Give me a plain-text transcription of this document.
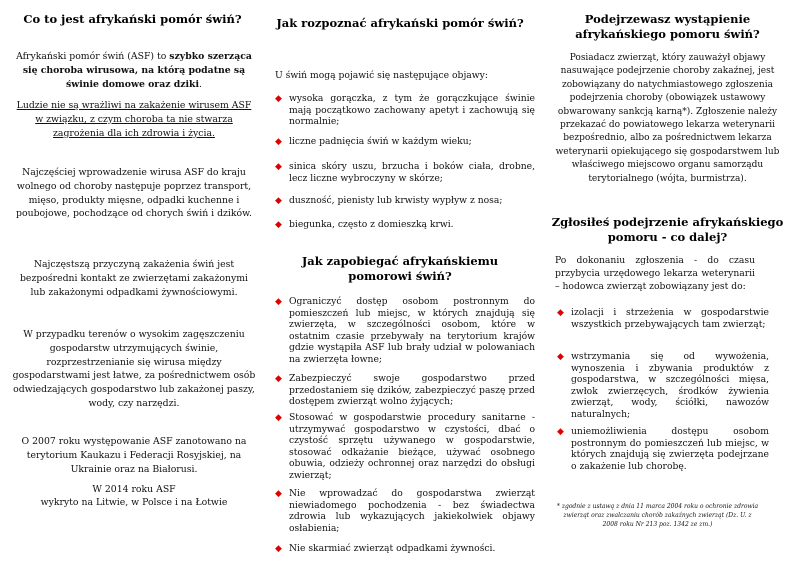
Co to jest afrykański pomór świń?

Afrykański pomór świń (ASF) to szybko szerząca się choroba wirusowa, na którą podatne są świnie domowe oraz dziki.

Ludzie nie są wrażliwi na zakażenie wirusem ASF w związku, z czym choroba ta nie stwarza zagrożenia dla ich zdrowia i życia.

Najczęściej wprowadzenie wirusa ASF do kraju wolnego od choroby następuje poprzez transport, mięso, produkty mięsne, odpadki kuchenne i poubojowe, pochodzące od chorych świń i dzików.

Najczęstszą przyczyną zakażenia świń jest bezpośredni kontakt ze zwierzętami zakażonymi lub zakażonymi odpadkami żywnościowymi.

W przypadku terenów o wysokim zagęszczeniu gospodarstw utrzymujących świnie, rozprzestrzenianie się wirusa między gospodarstwami jest łatwe, za pośrednictwem osób odwiedzających gospodarstwo lub zakażonej paszy, wody, czy narzędzi.

O 2007 roku występowanie ASF zanotowano na terytorium Kaukazu i Federacji Rosyjskiej, na Ukrainie oraz na Białorusi.

W 2014 roku ASF

wykryto na Litwie, w Polsce i na Łotwie

Jak rozpoznać afrykański pomór świń?

U świń mogą pojawić się następujące objawy:

◆ wysoka gorączka, z tym że gorączkujące świnie mają początkowo zachowany apetyt i zachowują się normalnie;
◆ liczne padnięcia świń w każdym wieku;
◆ sinica skóry uszu, brzucha i boków ciała, drobne, lecz liczne wybroczyny w skórze;
◆ duszność, pienisty lub krwisty wypływ z nosa;
◆ biegunka, często z domieszką krwi.
Jak zapobiegać afrykańskiemu pomorowi świń?
◆ Ograniczyć dostęp osobom postronnym do pomieszczeń lub miejsc, w których znajdują się zwierzęta, w szczególności osobom, które w ostatnim czasie przebywały na terytorium krajów gdzie wystąpiła ASF lub brały udział w polowaniach na zwierzęta łowne;
◆ Zabezpieczyć swoje gospodarstwo przed przedostaniem się dzików, zabezpieczyć paszę przed dostępem zwierząt wolno żyjących;
◆ Stosować w gospodarstwie procedury sanitarne - utrzymywać gospodarstwo w czystości, dbać o czystość sprzętu używanego w gospodarstwie, stosować odkażanie bieżące, używać osobnego obuwia, odzieży ochronnej oraz narzędzi do obsługi zwierząt;
◆ Nie wprowadzać do gospodarstwa zwierząt niewiadomego pochodzenia - bez świadectwa zdrowia lub wykazujących jakiekolwiek objawy osłabienia;
◆ Nie skarmiać zwierząt odpadkami żywności.
Podejrzewasz wystąpienie afrykańskiego pomoru świń?

Posiadacz zwierząt, który zauważył objawy nasuwające podejrzenie choroby zakaźnej, jest zobowiązany do natychmiastowego zgłoszenia podejrzenia choroby (obowiązek ustawowy obwarowany sankcją karną*). Zgłoszenie należy przekazać do powiatowego lekarza weterynarii bezpośrednio, albo za pośrednictwem lekarza weterynarii opiekującego się gospodarstwem lub właściwego miejscowo organu samorządu terytorialnego (wójta, burmistrza).

Zgłosiłeś podejrzenie afrykańskiego pomoru - co dalej?

Po dokonaniu zgłoszenia - do czasu przybycia urzędowego lekarza weterynarii – hodowca zwierząt zobowiązany jest do:

◆ izolacji i strzeżenia w gospodarstwie wszystkich przebywających tam zwierząt;
◆ wstrzymania się od wywożenia, wynoszenia i zbywania produktów z gospodarstwa, w szczególności mięsa, zwłok zwierzęcych, środków żywienia zwierząt, wody, ściółki, nawozów naturalnych;
◆ uniemożliwienia dostępu osobom postronnym do pomieszczeń lub miejsc, w których znajdują się zwierzęta podejrzane o zakażenie lub chorobę.

* zgodnie z ustawą z dnia 11 marca 2004 roku o ochronie zdrowia zwierząt oraz zwalczaniu chorób zakaźnych zwierząt (Dz. U. z 2008 roku Nr 213 poz. 1342 ze zm.)
